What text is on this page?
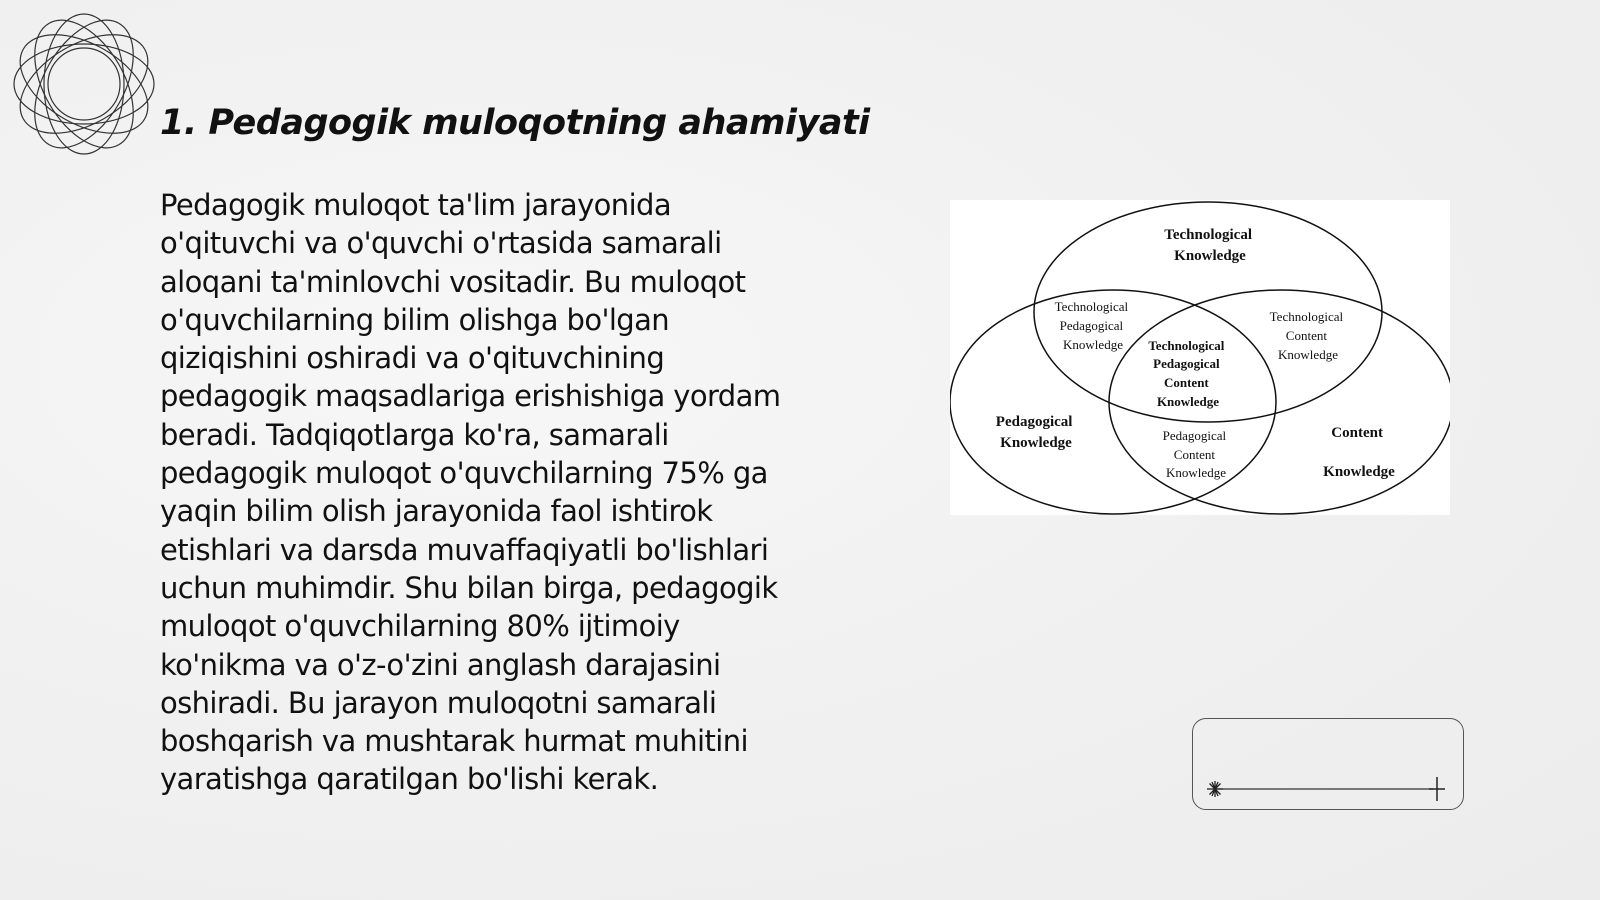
1. Pedagogik muloqotning ahamiyati

Pedagogik muloqot ta'lim jarayonida
o'qituvchi va o'quvchi o'rtasida samarali
aloqani ta'minlovchi vositadir. Bu muloqot
o'quvchilarning bilim olishga bo'lgan
qiziqishini oshiradi va o'qituvchining
pedagogik maqsadlariga erishishiga yordam
beradi. Tadqiqotlarga ko'ra, samarali
pedagogik muloqot o'quvchilarning 75% ga
yaqin bilim olish jarayonida faol ishtirok
etishlari va darsda muvaffaqiyatli bo'lishlari
uchun muhimdir. Shu bilan birga, pedagogik
muloqot o'quvchilarning 80% ijtimoiy
ko'nikma va o'z-o'zini anglash darajasini
oshiradi. Bu jarayon muloqotni samarali
boshqarish va mushtarak hurmat muhitini
yaratishga qaratilgan bo'lishi kerak.

Technological Knowledge
Technological Pedagogical Knowledge
Technological Content Knowledge
Technological Pedagogical Content Knowledge
Pedagogical Knowledge	Pedagogical Content Knowledge
Content Knowledge
